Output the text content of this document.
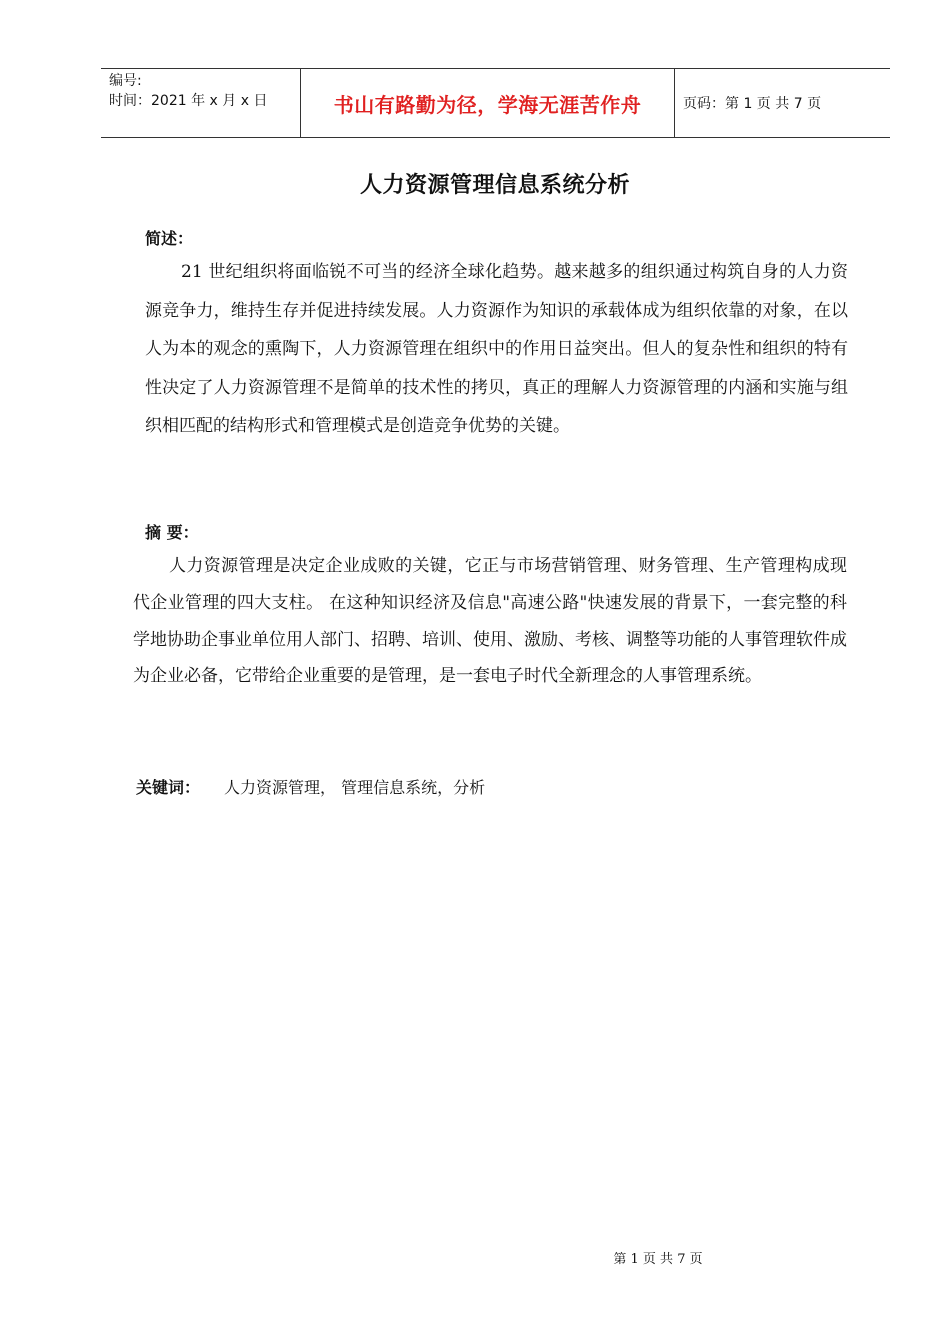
编号:
时间：2021 年 x 月 x 日	书山有路勤为径，学海无涯苦作舟	页码：第 1 页 共 7 页
人力资源管理信息系统分析
简述：
21 世纪组织将面临锐不可当的经济全球化趋势。越来越多的组织通过构筑自身的人力资源竞争力，维持生存并促进持续发展。人力资源作为知识的承载体成为组织依靠的对象，在以人为本的观念的熏陶下，人力资源管理在组织中的作用日益突出。但人的复杂性和组织的特有性决定了人力资源管理不是简单的技术性的拷贝，真正的理解人力资源管理的内涵和实施与组织相匹配的结构形式和管理模式是创造竞争优势的关键。
摘 要：
人力资源管理是决定企业成败的关键，它正与市场营销管理、财务管理、生产管理构成现代企业管理的四大支柱。 在这种知识经济及信息"高速公路"快速发展的背景下，一套完整的科学地协助企事业单位用人部门、招聘、培训、使用、激励、考核、调整等功能的人事管理软件成为企业必备，它带给企业重要的是管理，是一套电子时代全新理念的人事管理系统。
关键词： 人力资源管理， 管理信息系统，分析
第 1 页 共 7 页
